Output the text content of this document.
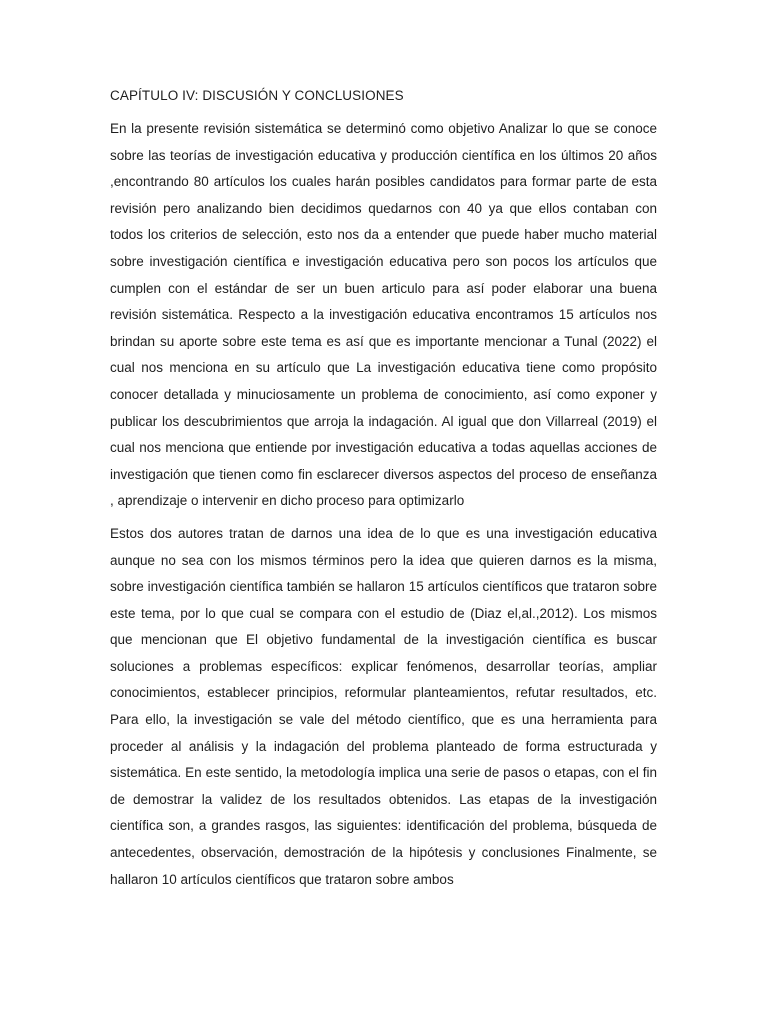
CAPÍTULO IV: DISCUSIÓN Y CONCLUSIONES

En la presente revisión sistemática se determinó como objetivo Analizar lo que se conoce sobre las teorías de investigación educativa y producción científica en los últimos 20 años ,encontrando 80 artículos los cuales harán posibles candidatos para formar parte de esta revisión pero analizando bien decidimos quedarnos con 40 ya que ellos contaban con todos los criterios de selección, esto nos da a entender que puede haber mucho material sobre investigación científica e investigación educativa pero son pocos los artículos que cumplen con el estándar de ser un buen articulo para así poder elaborar una buena revisión sistemática. Respecto a la investigación educativa encontramos 15 artículos nos brindan su aporte sobre este tema es así que es importante mencionar a Tunal (2022) el cual nos menciona en su artículo que La investigación educativa tiene como propósito conocer detallada y minuciosamente un problema de conocimiento, así como exponer y publicar los descubrimientos que arroja la indagación. Al igual que don Villarreal (2019) el cual nos menciona que entiende por investigación educativa a todas aquellas acciones de investigación que tienen como fin esclarecer diversos aspectos del proceso de enseñanza , aprendizaje o intervenir en dicho proceso para optimizarlo

Estos dos autores tratan de darnos una idea de lo que es una investigación educativa aunque no sea con los mismos términos pero la idea que quieren darnos es la misma, sobre investigación científica también se hallaron 15 artículos científicos que trataron sobre este tema, por lo que cual se compara con el estudio de (Diaz el,al.,2012). Los mismos que mencionan que El objetivo fundamental de la investigación científica es buscar soluciones a problemas específicos: explicar fenómenos, desarrollar teorías, ampliar conocimientos, establecer principios, reformular planteamientos, refutar resultados, etc. Para ello, la investigación se vale del método científico, que es una herramienta para proceder al análisis y la indagación del problema planteado de forma estructurada y sistemática. En este sentido, la metodología implica una serie de pasos o etapas, con el fin de demostrar la validez de los resultados obtenidos. Las etapas de la investigación científica son, a grandes rasgos, las siguientes: identificación del problema, búsqueda de antecedentes, observación, demostración de la hipótesis y conclusiones Finalmente, se hallaron 10 artículos científicos que trataron sobre ambos
